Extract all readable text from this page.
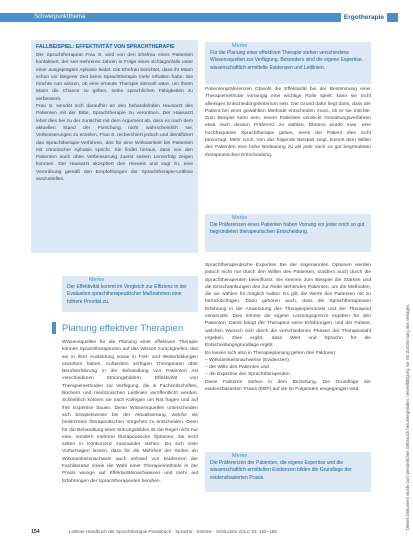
Schwerpunktthema	Ergotherapie
FALLBEISPIEL: EFFEKTIVITÄT VON SPRACHTHERAPIE

Der Sprachtherapeut Frau S. wird von den Ehefrau eines Patienten kontaktiert, der seit mehreren Jahren in Folge eines Schlaganfalls unter einer ausgeprägten Aphasie leidet. Die Ehefrau berichtet, dass ihr Mann schon vor längerer Zeit keine Sprachtherapie mehr erhalten habe. Sie möchte nun wissen, ob eine erneute Therapie sinnvoll wäre, um ihrem Mann die Chance zu geben, seine sprachlichen Fähigkeiten zu verbessern.

Frau S. wendet sich daraufhin an den behandelnden Hausarzt des Patienten mit der Bitte, Sprachtherapie zu verordnen. Der Hausarzt lehnt dies bei zu der zunächst mit dem Argument ab, dass es nach dem aktuellen Stand der Forschung nicht wahrscheinlich sei, Verbesserungen zu erzielen. Frau S. recherchiert jedoch und identifiziert das Sprachtherapie-Verfahren, das für eine Wirksamkeit bei Patienten mit chronischer Aphasie spricht. Sie findet heraus, dass von den Patienten auch ohne Verbesserung zuerst seinen Lernerfolg zeigen konnten. Der Hausarzt akzeptiert den Hinweis und sagt zu, eine Verordnung gemäß den Empfehlungen der Sprachtherapie-Leitlinie auszustellen.

Merke
Der Effektivität kommt im Vergleich zur Effizienz in der Evaluation sprachtherapeutischer Maßnahmen eine höhere Priorität zu.
Planung effektiver Therapien

Wissensquellen für die Planung einer effektiven Therapie können Sprachtherapeuten auf das Wissen zurückgreifen, das sie in ihrer Ausbildung sowie in Fort- und Weiterbildungen erworben haben. Außerdem verfügen Therapeuten über Berufserfahrung in der Behandlung von Patienten mit verschiedenen Störungsbildern. Effektivität von Therapiemethoden zur Verfügung, die in Fachzeitschriften, Büchern und medizinischen Leitlinien veröffentlicht werden. Schließlich können sie nach Kollegen um Rat fragen und auf ihre Expertise bauen. Diese Wissensquellen unterscheiden sich beispielsweise bei der Aktualisierung, welche sie bestimmten therapeutischen Vorgehen zu entscheiden. Denn für die Behandlung einer Störungsbildes ist die Regel nicht nur eine, sondern mehrere therapeutische Optionen, die nicht selten in Konkurrenz zueinander stehen. Da sich viele Vorhersagen lassen, dass für die Mehrheit der Stufen ein Wirksamkeitsnachweis auch anhand von Evidenzen der Fachliteratur sowie die Wahl einer Therapiemethode in der Praxis wenige auf Effektivitätsnachweisen und mehr auf Erfahrungen der Sprachtherapeuten beruhen.

Merke
Für die Planung einer effektiven Therapie stehen verschiedene Wissensquellen zur Verfügung. Besonders sind die eigene Expertise, wissenschaftlich ermittelte Evidenzen und Leitlinien.

Patientenpräferenzen Obwohl die Effektivität bei der Bestimmung einer Therapiemethode vorrangig eine wichtige Rolle spielt, kann sie nicht alleiniges Entscheidungskriterium sein. Der Grund dafür liegt darin, dass der Patient bei einer gewählten Methode entscheiden muss, ob er sie möchte. Zum Beispiel kann sein, einem Patienten verdeckt Gestaltungsverfahren etwa nach dessen Präferenz zu wählen. Ebenso würde man, eine hochfrequente Sprachtherapie geben, wenn der Patient dies nicht bevorzugt. Mehr noch: Von das folgende Beispiel zeigt, kommt dem Willen des Patienten eine hohe Bedeutung zu als jede nach so gut begründeten therapeutischen Entscheidung.

Merke
Die Präferenzen eines Patienten haben Vorrang vor jeder noch so gut begründeten therapeutischen Entscheidung.

Sprachtherapeutische Expertise Bei der sogenannten Optionen werden jedoch nicht nur durch den Willen des Patienten, sondern auch durch die Sprachtherapeuten beeinflusst. Sie kennen zum Beispiel die Stärken und die Einschränkungen des zur Rede stehenden Patienten, um die Methoden, die sie wählen für möglich halten. Es gilt, die Werte des Patienten mit zu berücksichtigen. Dazu gehören auch, dass die Sprachtherapeuten Erfahrung in der Anwendung des Therapiepersonals und der Therapeut verwendet. Dies könnte die eigene Leistungsgrenze ergeben für den Patienten. Damit bringt der Therapeut seine Erfahrungen, und der Patient, welchen Wunsch sich durch die verschiedenen Phasen der Therapiewahl ergeben. Dies ergibt, dass Wert und Sprache für die Entscheidungsgrundlage ergibt.

Es lassen sich also in Therapieplanung gehen drei Faktoren:

– Wirksamkeitsnachweise (Evidenzen),
– der Wille des Patienten und
– die Expertise des Sprachtherapeuten.

Diese Faktoren stehen in dem Beziehung. Die Grundlage der evidenzbasierten Praxis (EBP) auf die im Folgenden eingegangen wird.

Merke
Die Präferenzen der Patienten, die eigene Expertise und die wissenschaftlich ermittelten Evidenzen bilden die Grundlage der evidenzbasierten Praxis.	Dieses Dokument wurde zum persönlichen Gebrauch heruntergeladen. Vervielfältigung nur mit Zustimmung des Verlages.
154	Leitlinie Handbuch der Sprachtherapie Praxisbuch · Sprache · Stimme · Schlucken 2012; 22: 155–159
